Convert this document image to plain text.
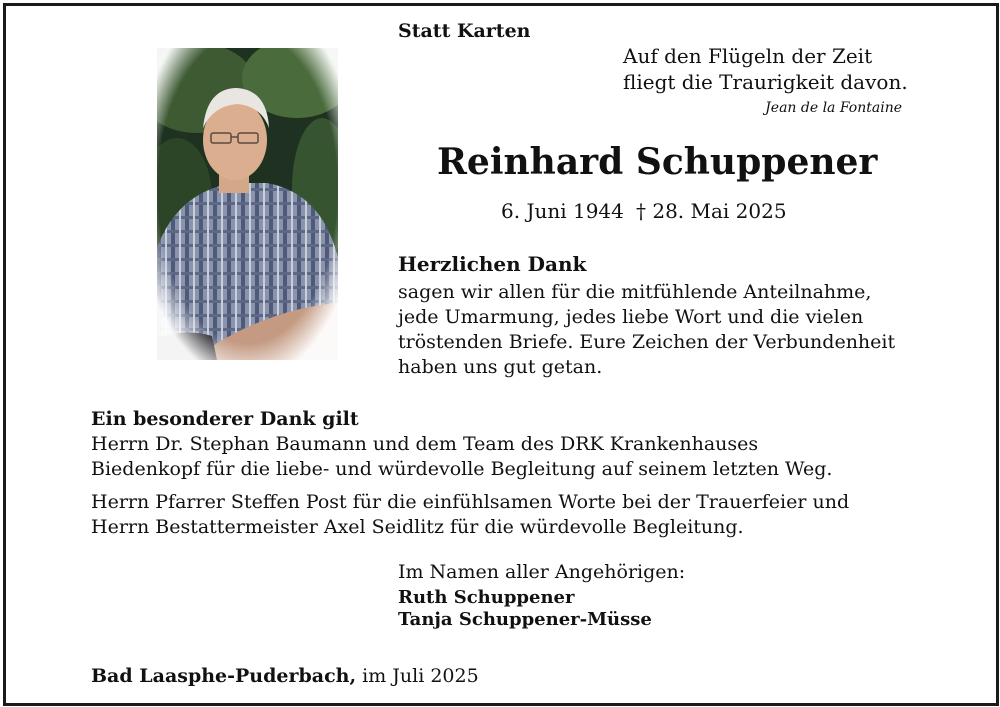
Statt Karten
Auf den Flügeln der Zeit
fliegt die Traurigkeit davon.
Jean de la Fontaine
Reinhard Schuppener
6. Juni 1944 † 28. Mai 2025
Herzlichen Dank
sagen wir allen für die mitfühlende Anteilnahme,
jede Umarmung, jedes liebe Wort und die vielen
tröstenden Briefe. Eure Zeichen der Verbundenheit
haben uns gut getan.
Ein besonderer Dank gilt
Herrn Dr. Stephan Baumann und dem Team des DRK Krankenhauses
Biedenkopf für die liebe- und würdevolle Begleitung auf seinem letzten Weg.
Herrn Pfarrer Steffen Post für die einfühlsamen Worte bei der Trauerfeier und
Herrn Bestattermeister Axel Seidlitz für die würdevolle Begleitung.
Im Namen aller Angehörigen:
Ruth Schuppener
Tanja Schuppener-Müsse
Bad Laasphe-Puderbach, im Juli 2025
